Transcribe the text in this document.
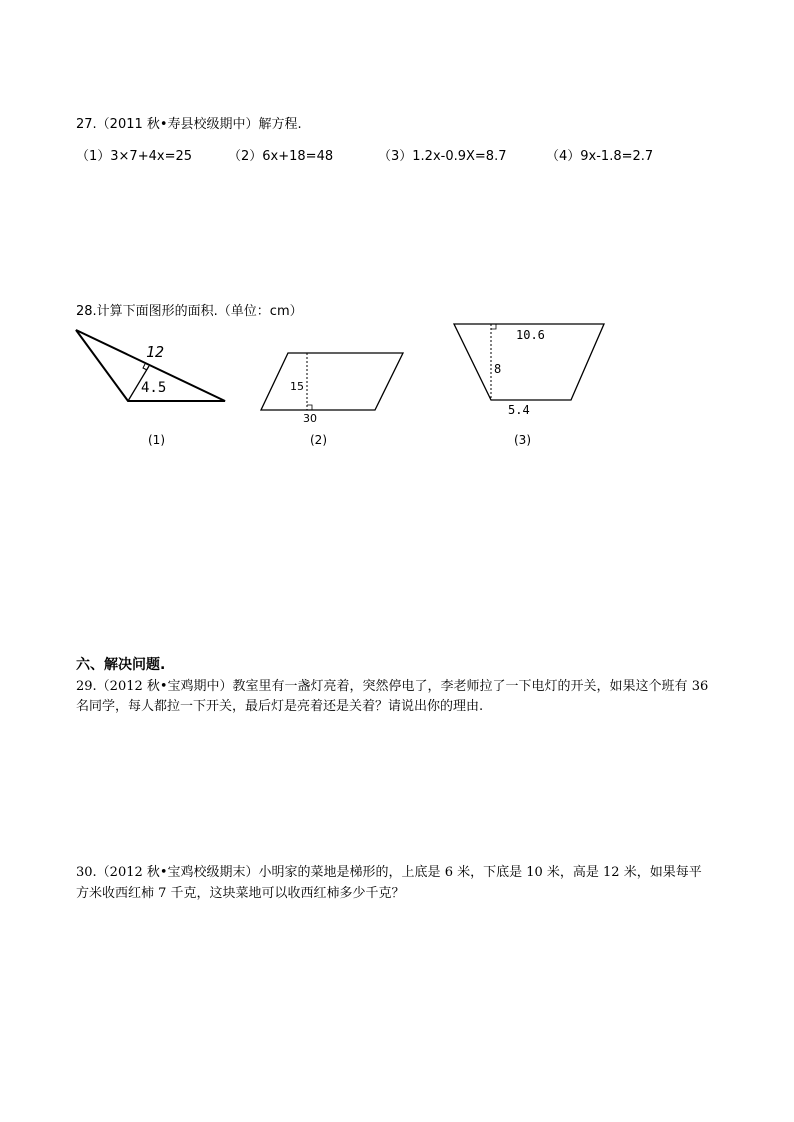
27.（2011 秋•寿县校级期中）解方程.
（1）3×7+4x=25	（2）6x+18=48	（3）1.2x-0.9X=8.7	（4）9x-1.8=2.7
28.计算下面图形的面积.（单位：cm）
12
4.5	15
30
10.6
8
5.4
(1)	(2)	(3)
六、解决问题.
29.（2012 秋•宝鸡期中）教室里有一盏灯亮着，突然停电了，李老师拉了一下电灯的开关，如果这个班有 36
名同学，每人都拉一下开关，最后灯是亮着还是关着？请说出你的理由.
30.（2012 秋•宝鸡校级期末）小明家的菜地是梯形的，上底是 6 米，下底是 10 米，高是 12 米，如果每平
方米收西红柿 7 千克，这块菜地可以收西红柿多少千克？
